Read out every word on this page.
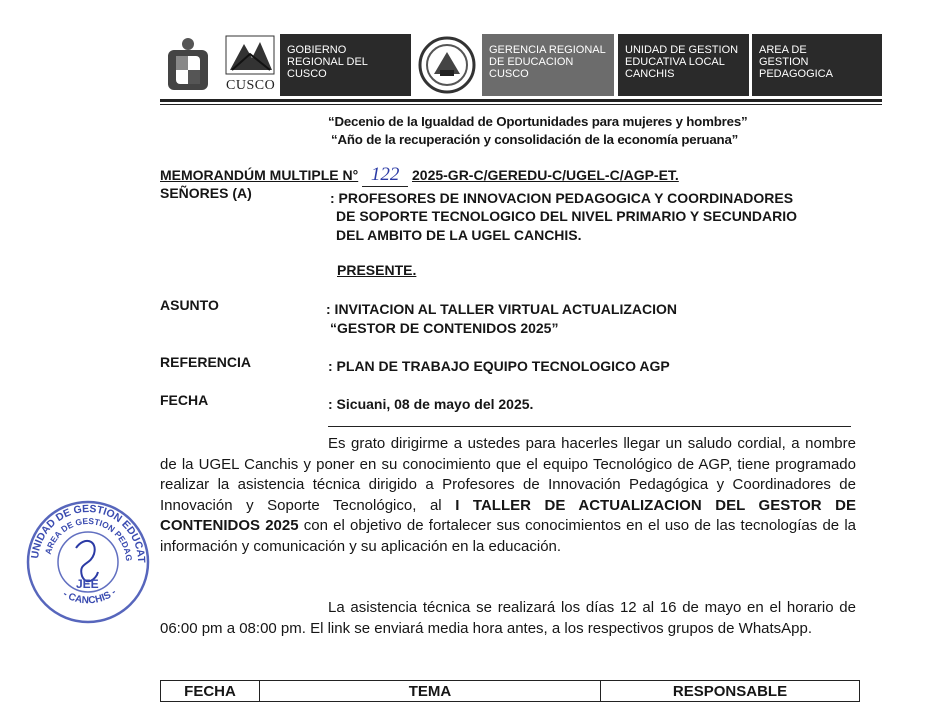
CUSCO
GOBIERNO REGIONAL DEL CUSCO
GERENCIA REGIONAL DE EDUCACION CUSCO
UNIDAD DE GESTION EDUCATIVA LOCAL CANCHIS
AREA DE GESTION PEDAGOGICA
“Decenio de la Igualdad de Oportunidades para mujeres y hombres”
“Año de la recuperación y consolidación de la economía peruana”
MEMORANDÚM MULTIPLE N° 122 2025-GR-C/GEREDU-C/UGEL-C/AGP-ET.
SEÑORES (A)	: PROFESORES DE INNOVACION PEDAGOGICA Y COORDINADORES
DE SOPORTE TECNOLOGICO DEL NIVEL PRIMARIO Y SECUNDARIO
DEL AMBITO DE LA UGEL CANCHIS.
PRESENTE.
ASUNTO	: INVITACION AL TALLER VIRTUAL ACTUALIZACION
“GESTOR DE CONTENIDOS 2025”
REFERENCIA	: PLAN DE TRABAJO EQUIPO TECNOLOGICO AGP
FECHA	: Sicuani, 08 de mayo del 2025.
Es grato dirigirme a ustedes para hacerles llegar un saludo cordial, a nombre de la UGEL Canchis y poner en su conocimiento que el equipo Tecnológico de AGP, tiene programado realizar la asistencia técnica dirigido a Profesores de Innovación Pedagógica y Coordinadores de Innovación y Soporte Tecnológico, al I TALLER DE ACTUALIZACION DEL GESTOR DE CONTENIDOS 2025 con el objetivo de fortalecer sus conocimientos en el uso de las tecnologías de la información y comunicación y su aplicación en la educación.
La asistencia técnica se realizará los días 12 al 16 de mayo en el horario de 06:00 pm a 08:00 pm. El link se enviará media hora antes, a los respectivos grupos de WhatsApp.
FECHA	TEMA	RESPONSABLE
UNIDAD DE GESTION EDUCAT
AREA DE GESTION PEDAG
- CANCHIS -
JEE
